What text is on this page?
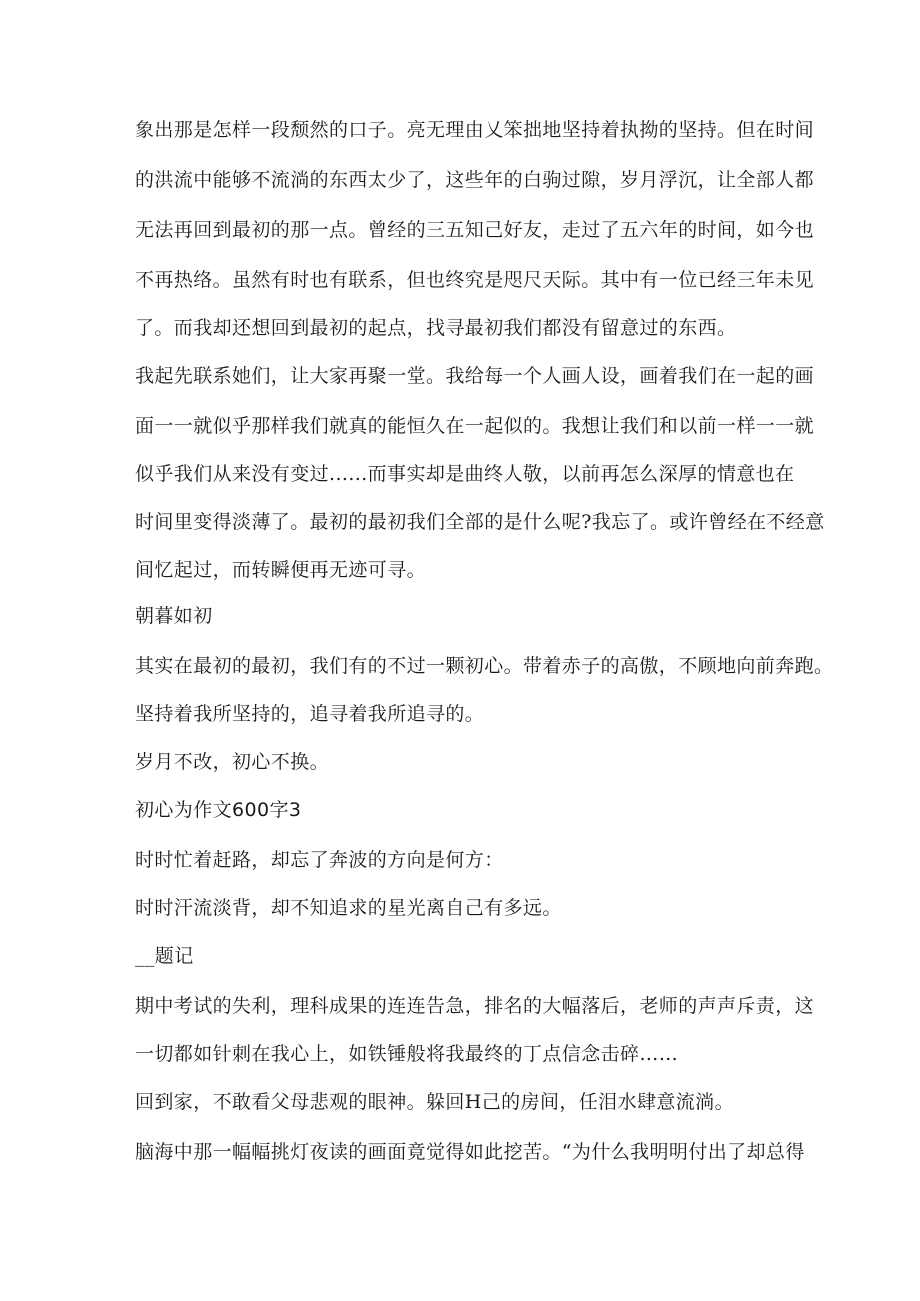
象出那是怎样一段颓然的口子。亮无理由乂笨拙地坚持着执拗的坚持。但在时间

的洪流中能够不流淌的东西太少了，这些年的白驹过隙，岁月浮沉，让全部人都

无法再回到最初的那一点。曾经的三五知己好友，走过了五六年的时间，如今也

不再热络。虽然有时也有联系，但也终究是咫尺天际。其中有一位已经三年未见

了。而我却还想回到最初的起点，找寻最初我们都没有留意过的东西。

我起先联系她们，让大家再聚一堂。我给每一个人画人设，画着我们在一起的画

面一一就似乎那样我们就真的能恒久在一起似的。我想让我们和以前一样一一就

似乎我们从来没有变过......而事实却是曲终人敬，以前再怎么深厚的情意也在

时间里变得淡薄了。最初的最初我们全部的是什么呢?我忘了。或许曾经在不经意

间忆起过，而转瞬便再无迹可寻。

朝暮如初

其实在最初的最初，我们有的不过一颗初心。带着赤子的高傲，不顾地向前奔跑。

坚持着我所坚持的，追寻着我所追寻的。

岁月不改，初心不换。

初心为作文600字3

时时忙着赶路，却忘了奔波的方向是何方：

时时汗流淡背，却不知追求的星光离自己有多远。

__题记

期中考试的失利，理科成果的连连告急，排名的大幅落后，老师的声声斥责，这

一切都如针刺在我心上，如铁锤般将我最终的丁点信念击碎……

回到家，不敢看父母悲观的眼神。躲回H己的房间，任泪水肆意流淌。

脑海中那一幅幅挑灯夜读的画面竟觉得如此挖苦。“为什么我明明付出了却总得
